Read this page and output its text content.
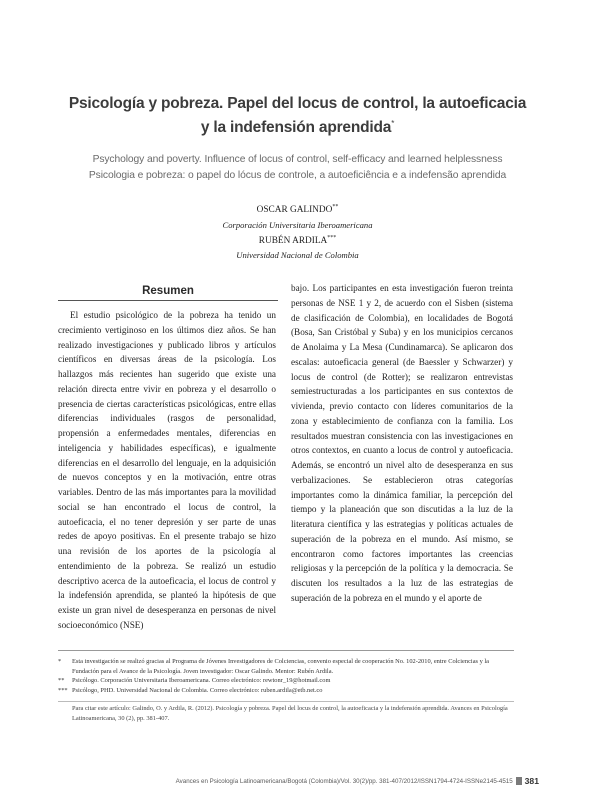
Psicología y pobreza. Papel del locus de control, la autoeficacia
y la indefensión aprendida*
Psychology and poverty. Influence of locus of control, self-efficacy and learned helplessness
Psicologia e pobreza: o papel do lócus de controle, a autoeficiência e a indefensão aprendida
OSCAR GALINDO**
Corporación Universitaria Iberoamericana
RUBÉN ARDILA***
Universidad Nacional de Colombia
Resumen
El estudio psicológico de la pobreza ha tenido un crecimiento vertiginoso en los últimos diez años. Se han realizado investigaciones y publicado libros y artículos científicos en diversas áreas de la psicología. Los hallazgos más recientes han sugerido que existe una relación directa entre vivir en pobreza y el desarrollo o presencia de ciertas características psicológicas, entre ellas diferencias individuales (rasgos de personalidad, propensión a enfermedades mentales, diferencias en inteligencia y habilidades específicas), e igualmente diferencias en el desarrollo del lenguaje, en la adquisición de nuevos conceptos y en la motivación, entre otras variables. Dentro de las más importantes para la movilidad social se han encontrado el locus de control, la autoeficacia, el no tener depresión y ser parte de unas redes de apoyo positivas. En el presente trabajo se hizo una revisión de los aportes de la psicología al entendimiento de la pobreza. Se realizó un estudio descriptivo acerca de la autoeficacia, el locus de control y la indefensión aprendida, se planteó la hipótesis de que existe un gran nivel de desesperanza en personas de nivel socioeconómico (NSE)
bajo. Los participantes en esta investigación fueron treinta personas de NSE 1 y 2, de acuerdo con el Sisben (sistema de clasificación de Colombia), en localidades de Bogotá (Bosa, San Cristóbal y Suba) y en los municipios cercanos de Anolaima y La Mesa (Cundinamarca). Se aplicaron dos escalas: autoeficacia general (de Baessler y Schwarzer) y locus de control (de Rotter); se realizaron entrevistas semiestructuradas a los participantes en sus contextos de vivienda, previo contacto con líderes comunitarios de la zona y establecimiento de confianza con la familia. Los resultados muestran consistencia con las investigaciones en otros contextos, en cuanto a locus de control y autoeficacia. Además, se encontró un nivel alto de desesperanza en sus verbalizaciones. Se establecieron otras categorías importantes como la dinámica familiar, la percepción del tiempo y la planeación que son discutidas a la luz de la literatura científica y las estrategias y políticas actuales de superación de la pobreza en el mundo. Así mismo, se encontraron como factores importantes las creencias religiosas y la percepción de la política y la democracia. Se discuten los resultados a la luz de las estrategias de superación de la pobreza en el mundo y el aporte de
*	Esta investigación se realizó gracias al Programa de Jóvenes Investigadores de Colciencias, convenio especial de cooperación No. 102-2010, entre Colciencias y la Fundación para el Avance de la Psicología. Joven investigador: Oscar Galindo. Mentor: Rubén Ardila.
**	Psicólogo. Corporación Universitaria Iberoamericana. Correo electrónico: rewtonr_19@hotmail.com
*** Psicólogo, PHD. Universidad Nacional de Colombia. Correo electrónico: ruben.ardila@etb.net.co
Para citar este artículo: Galindo, O. y Ardila, R. (2012). Psicología y pobreza. Papel del locus de control, la autoeficacia y la indefensión aprendida. Avances en Psicología Latinoamericana, 30 (2), pp. 381-407.
Avances en Psicología Latinoamericana/Bogotá (Colombia)/Vol. 30(2)/pp. 381-407/2012/ISSN1794-4724-ISSNe2145-4515 381
